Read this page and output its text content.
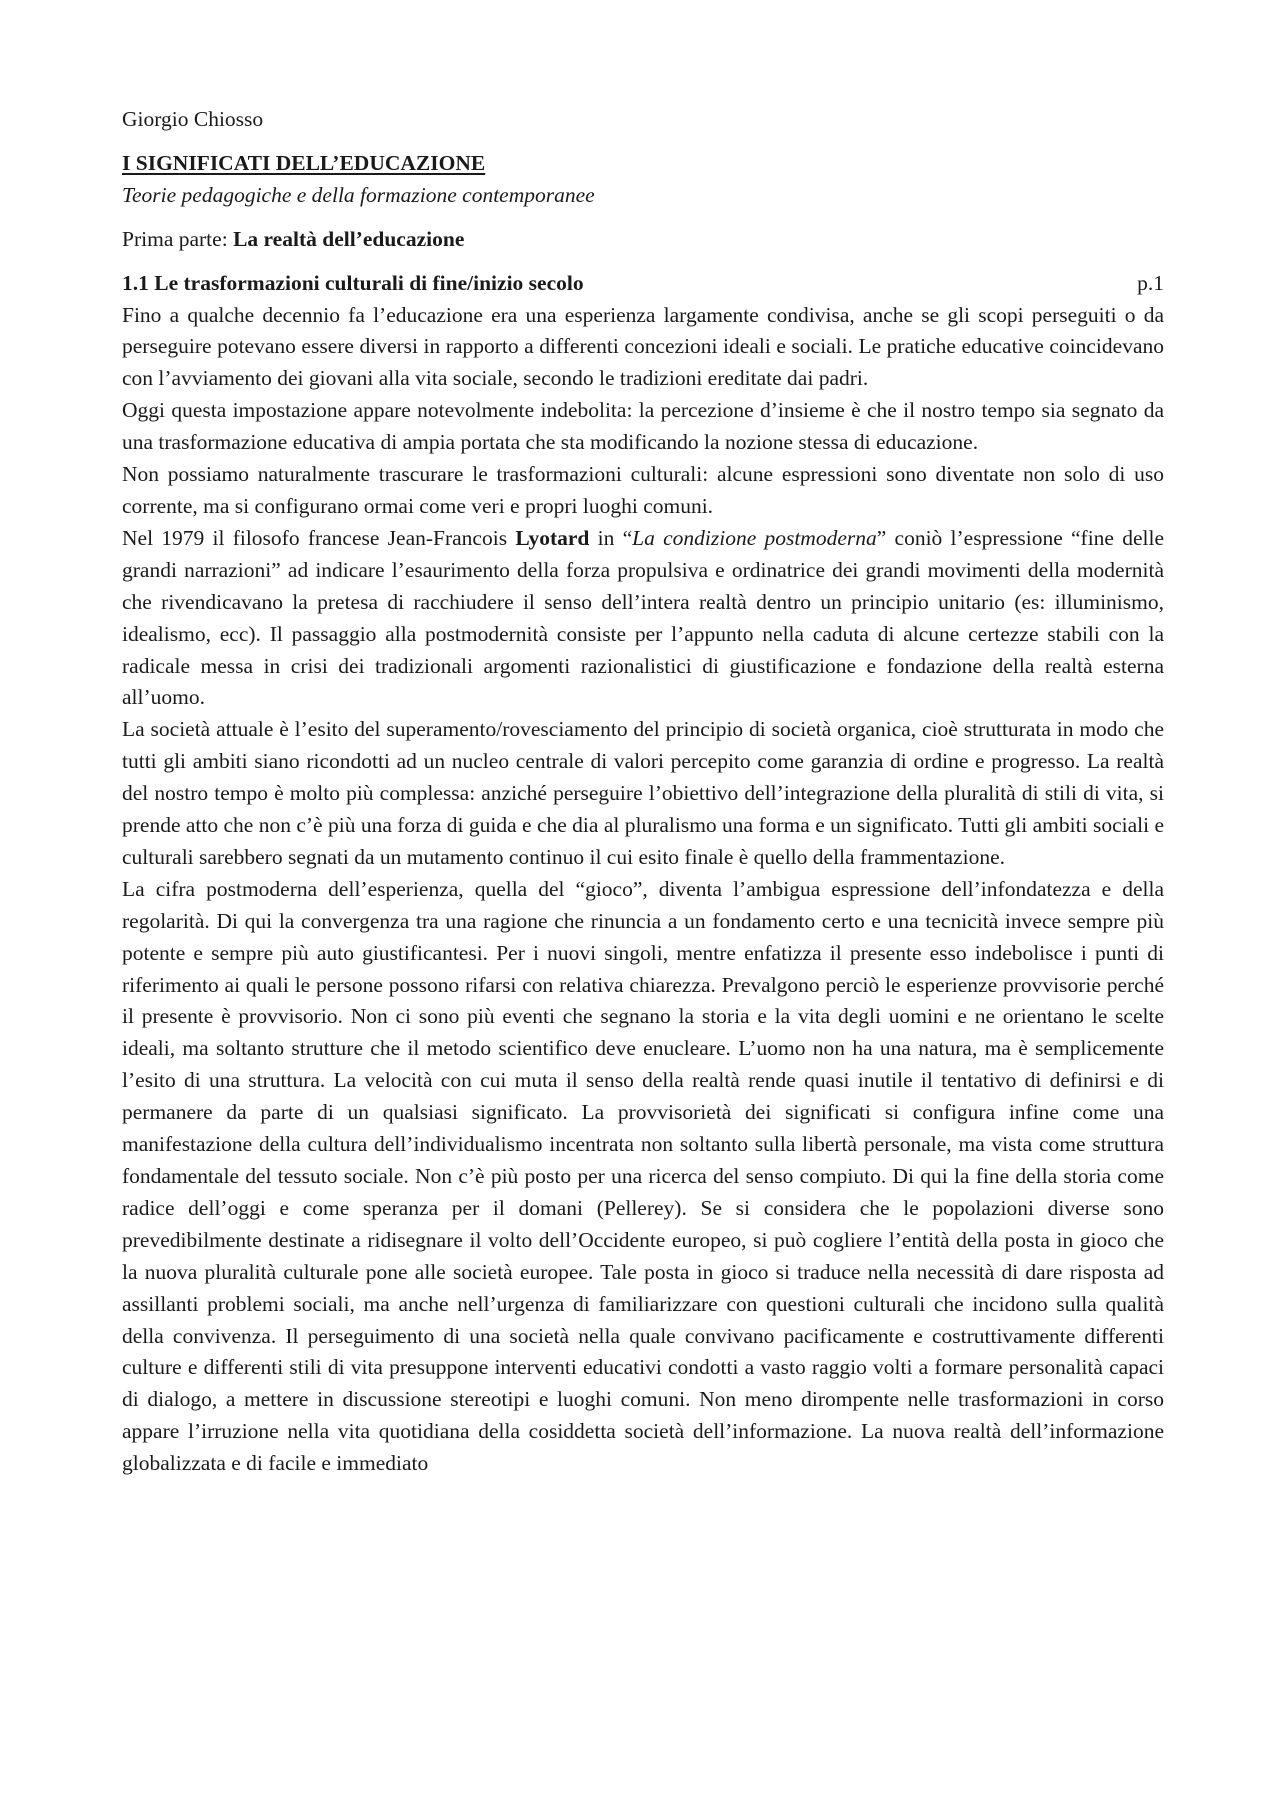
Giorgio Chiosso

I SIGNIFICATI DELL’EDUCAZIONE

Teorie pedagogiche e della formazione contemporanee

Prima parte: La realtà dell’educazione

1.1 Le trasformazioni culturali di fine/inizio secolo	p.1

Fino a qualche decennio fa l’educazione era una esperienza largamente condivisa, anche se gli scopi perseguiti o da perseguire potevano essere diversi in rapporto a differenti concezioni ideali e sociali. Le pratiche educative coincidevano con l’avviamento dei giovani alla vita sociale, secondo le tradizioni ereditate dai padri.

Oggi questa impostazione appare notevolmente indebolita: la percezione d’insieme è che il nostro tempo sia segnato da una trasformazione educativa di ampia portata che sta modificando la nozione stessa di educazione.

Non possiamo naturalmente trascurare le trasformazioni culturali: alcune espressioni sono diventate non solo di uso corrente, ma si configurano ormai come veri e propri luoghi comuni.

Nel 1979 il filosofo francese Jean-Francois Lyotard in “La condizione postmoderna” coniò l’espressione “fine delle grandi narrazioni” ad indicare l’esaurimento della forza propulsiva e ordinatrice dei grandi movimenti della modernità che rivendicavano la pretesa di racchiudere il senso dell’intera realtà dentro un principio unitario (es: illuminismo, idealismo, ecc). Il passaggio alla postmodernità consiste per l’appunto nella caduta di alcune certezze stabili con la radicale messa in crisi dei tradizionali argomenti razionalistici di giustificazione e fondazione della realtà esterna all’uomo.

La società attuale è l’esito del superamento/rovesciamento del principio di società organica, cioè strutturata in modo che tutti gli ambiti siano ricondotti ad un nucleo centrale di valori percepito come garanzia di ordine e progresso. La realtà del nostro tempo è molto più complessa: anziché perseguire l’obiettivo dell’integrazione della pluralità di stili di vita, si prende atto che non c’è più una forza di guida e che dia al pluralismo una forma e un significato. Tutti gli ambiti sociali e culturali sarebbero segnati da un mutamento continuo il cui esito finale è quello della frammentazione.

La cifra postmoderna dell’esperienza, quella del “gioco”, diventa l’ambigua espressione dell’infondatezza e della regolarità. Di qui la convergenza tra una ragione che rinuncia a un fondamento certo e una tecnicità invece sempre più potente e sempre più auto giustificantesi. Per i nuovi singoli, mentre enfatizza il presente esso indebolisce i punti di riferimento ai quali le persone possono rifarsi con relativa chiarezza. Prevalgono perciò le esperienze provvisorie perché il presente è provvisorio. Non ci sono più eventi che segnano la storia e la vita degli uomini e ne orientano le scelte ideali, ma soltanto strutture che il metodo scientifico deve enucleare. L’uomo non ha una natura, ma è semplicemente l’esito di una struttura. La velocità con cui muta il senso della realtà rende quasi inutile il tentativo di definirsi e di permanere da parte di un qualsiasi significato. La provvisorietà dei significati si configura infine come una manifestazione della cultura dell’individualismo incentrata non soltanto sulla libertà personale, ma vista come struttura fondamentale del tessuto sociale. Non c’è più posto per una ricerca del senso compiuto. Di qui la fine della storia come radice dell’oggi e come speranza per il domani (Pellerey). Se si considera che le popolazioni diverse sono prevedibilmente destinate a ridisegnare il volto dell’Occidente europeo, si può cogliere l’entità della posta in gioco che la nuova pluralità culturale pone alle società europee. Tale posta in gioco si traduce nella necessità di dare risposta ad assillanti problemi sociali, ma anche nell’urgenza di familiarizzare con questioni culturali che incidono sulla qualità della convivenza. Il perseguimento di una società nella quale convivano pacificamente e costruttivamente differenti culture e differenti stili di vita presuppone interventi educativi condotti a vasto raggio volti a formare personalità capaci di dialogo, a mettere in discussione stereotipi e luoghi comuni. Non meno dirompente nelle trasformazioni in corso appare l’irruzione nella vita quotidiana della cosiddetta società dell’informazione. La nuova realtà dell’informazione globalizzata e di facile e immediato
